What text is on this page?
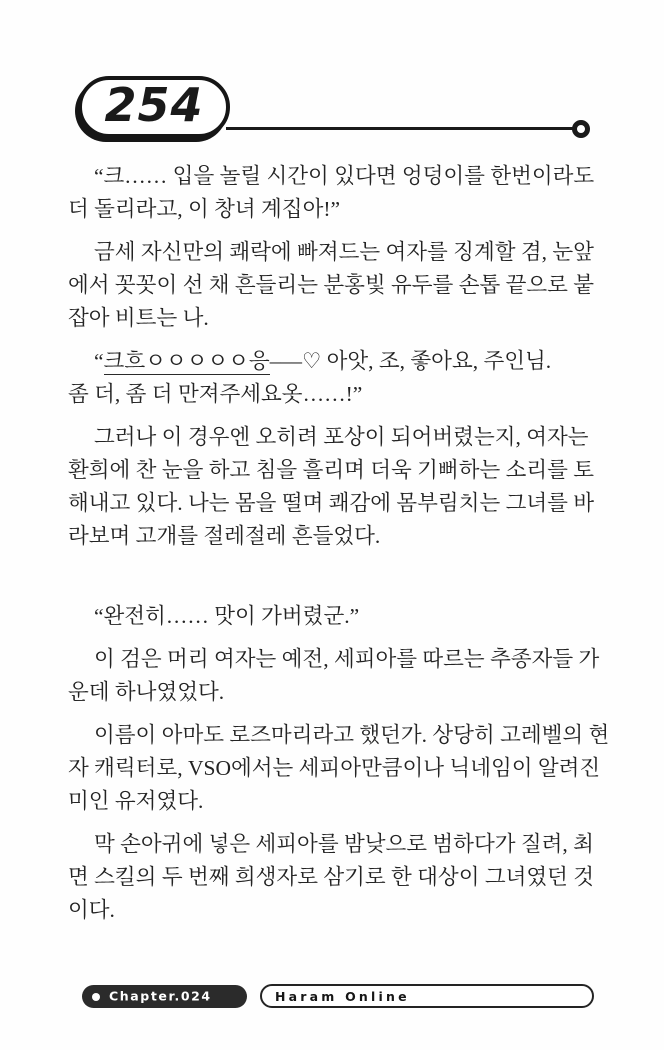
254
“크…… 입을 놀릴 시간이 있다면 엉덩이를 한번이라도
더 돌리라고, 이 창녀 계집아!”
금세 자신만의 쾌락에 빠져드는 여자를 징계할 겸, 눈앞
에서 꼿꼿이 선 채 흔들리는 분홍빛 유두를 손톱 끝으로 붙
잡아 비트는 나.
“크흐ㅇㅇㅇㅇㅇ응–––♡ 아앗, 조, 좋아요, 주인님.
좀 더, 좀 더 만져주세요옷……!”
그러나 이 경우엔 오히려 포상이 되어버렸는지, 여자는
환희에 찬 눈을 하고 침을 흘리며 더욱 기뻐하는 소리를 토
해내고 있다. 나는 몸을 떨며 쾌감에 몸부림치는 그녀를 바
라보며 고개를 절레절레 흔들었다.
“완전히…… 맛이 가버렸군.”
이 검은 머리 여자는 예전, 세피아를 따르는 추종자들 가
운데 하나였었다.
이름이 아마도 로즈마리라고 했던가. 상당히 고레벨의 현
자 캐릭터로, VSO에서는 세피아만큼이나 닉네임이 알려진
미인 유저였다.
막 손아귀에 넣은 세피아를 밤낮으로 범하다가 질려, 최
면 스킬의 두 번째 희생자로 삼기로 한 대상이 그녀였던 것
이다.
Chapter.024	Haram Online
